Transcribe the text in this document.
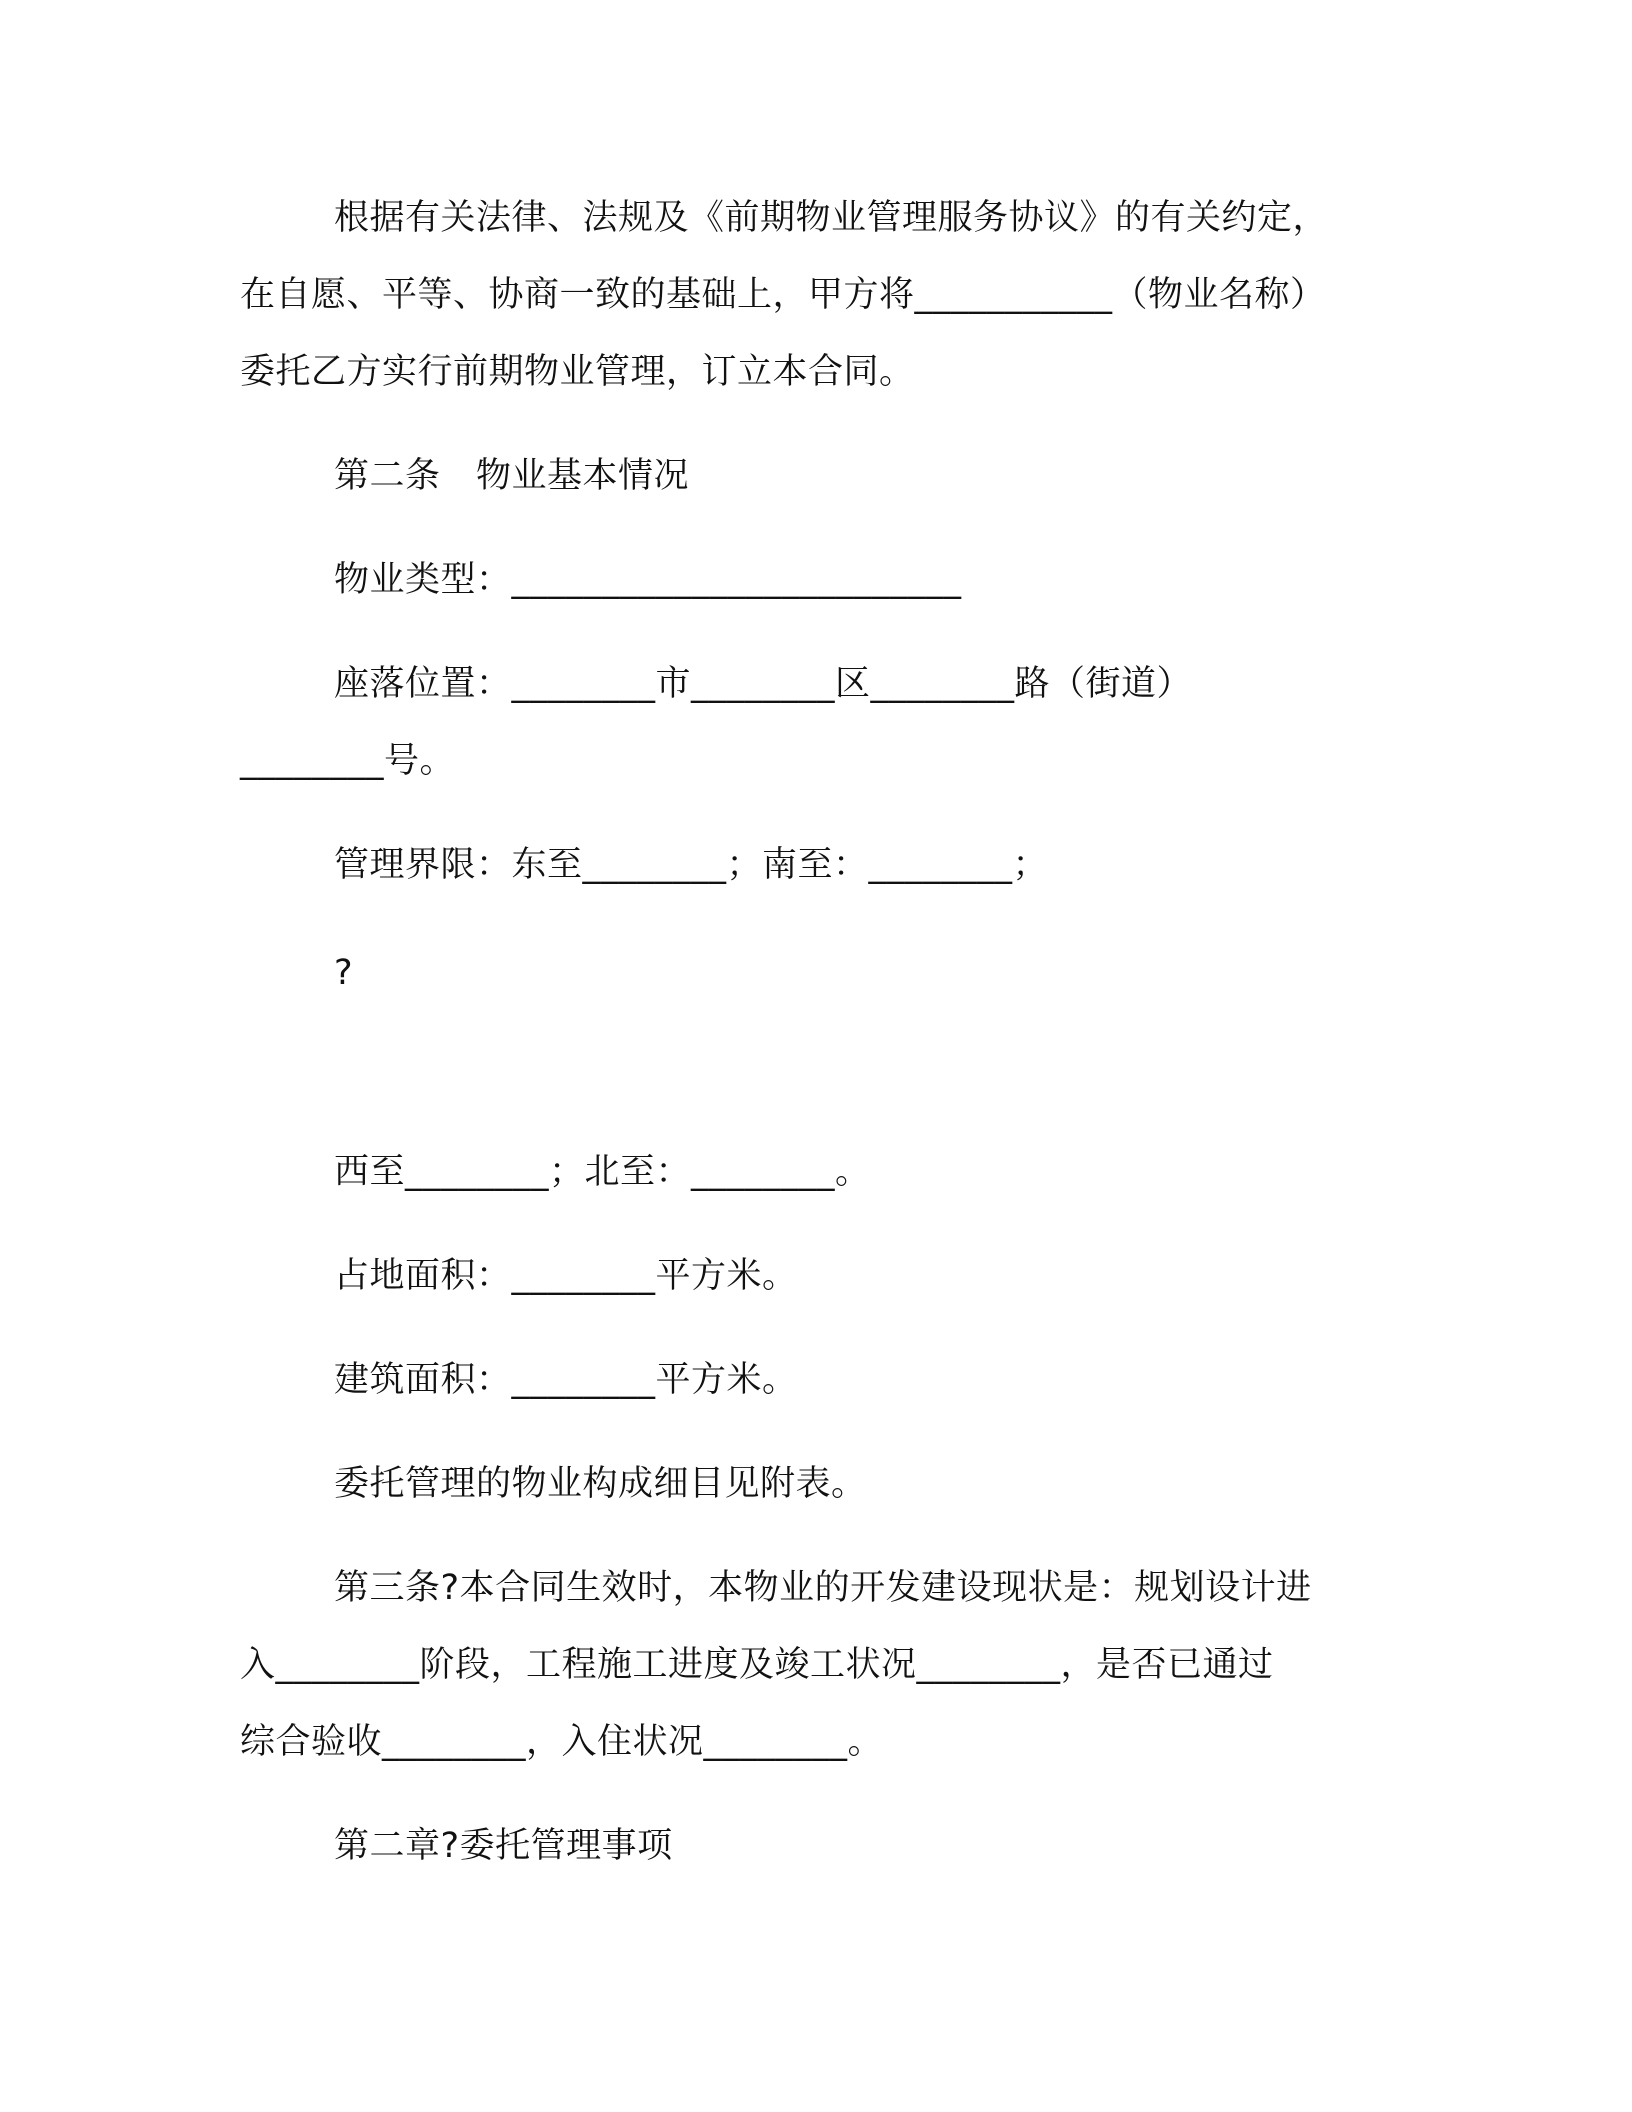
根据有关法律、法规及《前期物业管理服务协议》的有关约定，
在自愿、平等、协商一致的基础上，甲方将___________（物业名称）
委托乙方实行前期物业管理，订立本合同。
第二条　物业基本情况
物业类型：_________________________
座落位置：________市________区________路（街道）
________号。
管理界限：东至________；南至：________；
?
西至________；北至：________。
占地面积：________平方米。
建筑面积：________平方米。
委托管理的物业构成细目见附表。
第三条?本合同生效时，本物业的开发建设现状是：规划设计进
入________阶段，工程施工进度及竣工状况________，是否已通过
综合验收________，入住状况________。
第二章?委托管理事项
